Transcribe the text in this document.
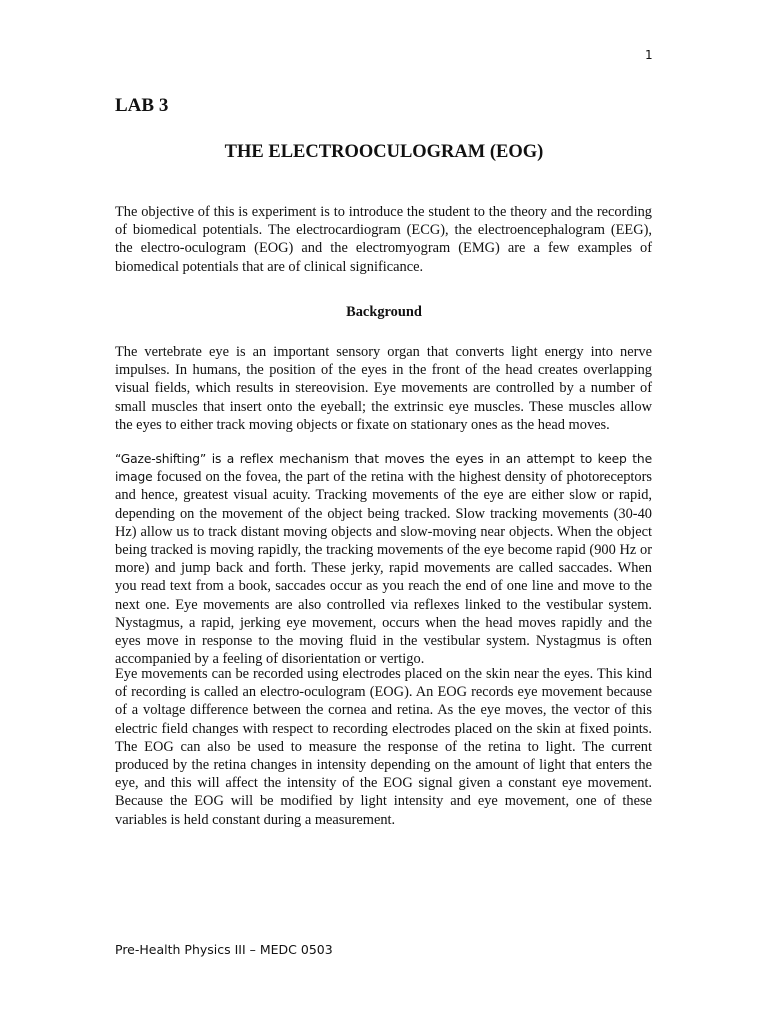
1
LAB 3
THE ELECTROOCULOGRAM (EOG)

The objective of this is experiment is to introduce the student to the theory and the recording of biomedical potentials. The electrocardiogram (ECG), the electroencephalogram (EEG), the electro-oculogram (EOG) and the electromyogram (EMG) are a few examples of biomedical potentials that are of clinical significance.

Background

The vertebrate eye is an important sensory organ that converts light energy into nerve impulses. In humans, the position of the eyes in the front of the head creates overlapping visual fields, which results in stereovision. Eye movements are controlled by a number of small muscles that insert onto the eyeball; the extrinsic eye muscles. These muscles allow the eyes to either track moving objects or fixate on stationary ones as the head moves.

“Gaze-shifting” is a reflex mechanism that moves the eyes in an attempt to keep the image focused on the fovea, the part of the retina with the highest density of photoreceptors and hence, greatest visual acuity. Tracking movements of the eye are either slow or rapid, depending on the movement of the object being tracked. Slow tracking movements (30-40 Hz) allow us to track distant moving objects and slow-moving near objects. When the object being tracked is moving rapidly, the tracking movements of the eye become rapid (900 Hz or more) and jump back and forth. These jerky, rapid movements are called saccades. When you read text from a book, saccades occur as you reach the end of one line and move to the next one. Eye movements are also controlled via reflexes linked to the vestibular system. Nystagmus, a rapid, jerking eye movement, occurs when the head moves rapidly and the eyes move in response to the moving fluid in the vestibular system. Nystagmus is often accompanied by a feeling of disorientation or vertigo.

Eye movements can be recorded using electrodes placed on the skin near the eyes. This kind of recording is called an electro-oculogram (EOG). An EOG records eye movement because of a voltage difference between the cornea and retina. As the eye moves, the vector of this electric field changes with respect to recording electrodes placed on the skin at fixed points. The EOG can also be used to measure the response of the retina to light. The current produced by the retina changes in intensity depending on the amount of light that enters the eye, and this will affect the intensity of the EOG signal given a constant eye movement. Because the EOG will be modified by light intensity and eye movement, one of these variables is held constant during a measurement.

Pre-Health Physics III – MEDC 0503
